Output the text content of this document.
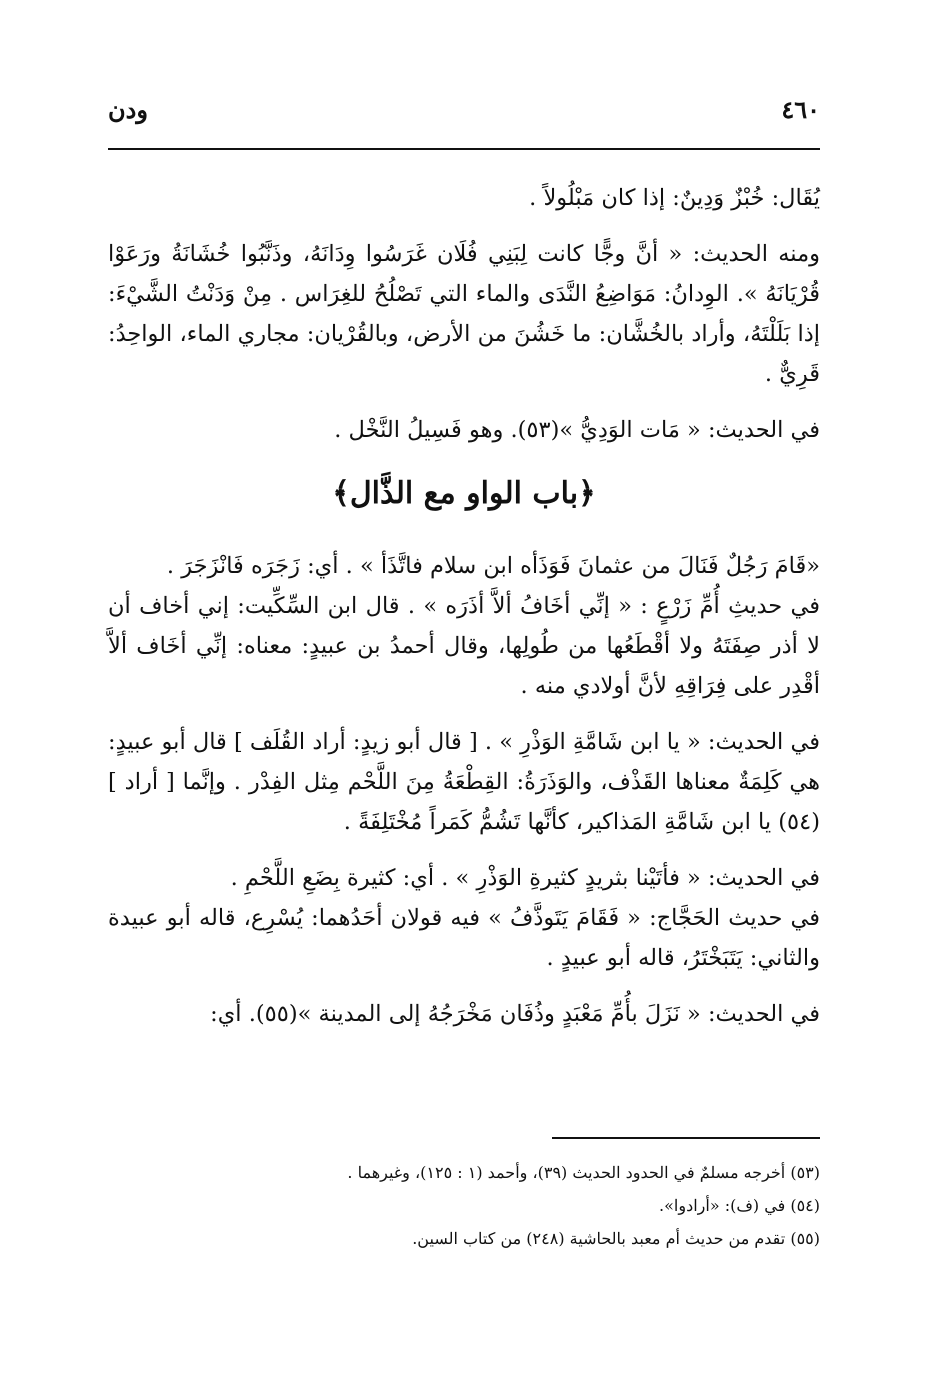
٤٦٠
ودن

يُقَال: خُبْزٌ وَدِينٌ: إذا كان مَبْلُولاً .

ومنه الحديث: « أنَّ وجًّا كانت لِبَنِي فُلَان غَرَسُوا وِدَانَهُ، وذَنَّبُوا خُشَانَةُ ورَعَوْا قُرْيَانَهُ ». الوِدانُ: مَوَاضِعُ النَّدَى والماء التي تَصْلُحُ للغِرَاس . مِنْ وَدَنْتُ الشَّيْءَ: إذا بَلَلْتَهُ، وأراد بالخُشَّان: ما خَشُنَ من الأرض، وبالقُرْيان: مجاري الماء، الواحِدُ: قَرِيٌّ .

في الحديث: « مَات الوَدِيُّ »(٥٣). وهو فَسِيلُ النَّخْل .

﴿باب الواو مع الذَّال﴾

«قَامَ رَجُلٌ فَنَالَ من عثمانَ فَوَذَأه ابن سلام فاتَّذَأ » . أي: زَجَرَه فَانْزَجَرَ .

في حديثِ أُمِّ زَرْعٍ : « إنِّي أخَافُ ألاَّ أذَرَه » . قال ابن السِّكِّيت: إني أخاف أن لا أذر صِفَتَهُ ولا أقْطَعُها من طُولِها، وقال أحمدُ بن عبيدٍ: معناه: إنِّي أخَاف ألاَّ أقْدِر على فِرَاقِهِ لأنَّ أولادي منه .

في الحديث: « يا ابن شَامَّةِ الوَذْرِ » . [ قال أبو زيدٍ: أراد القُلَف ] قال أبو عبيدٍ: هي كَلِمَةٌ معناها القَذْف، والوَذَرَةُ: القِطْعَةُ مِنَ اللَّحْم مِثل الفِدْر . وإنَّما [ أراد ](٥٤) يا ابن شَامَّةِ المَذاكير، كأنَّها تَشُمُّ كَمَراً مُخْتَلِفَةً .

في الحديث: « فأتَيْنا بثريدٍ كثيرةِ الوَذْرِ » . أي: كثيرة بِضَعِ اللَّحْمِ .

في حديث الحَجَّاج: « فَقَامَ يَتَوذَّفُ » فيه قولان أحَدُهما: يُسْرِع، قاله أبو عبيدة والثاني: يَتَبَخْتَرُ، قاله أبو عبيدٍ .

في الحديث: « نَزَلَ بأُمِّ مَعْبَدٍ وذُفَان مَخْرَجُهُ إلى المدينة »(٥٥). أي:

(٥٣) أخرجه مسلمٌ في الحدود الحديث (٣٩)، وأحمد (١ : ١٢٥)، وغيرهما .
(٥٤) في (ف): «أرادوا».
(٥٥) تقدم من حديث أم معبد بالحاشية (٢٤٨) من كتاب السين.
